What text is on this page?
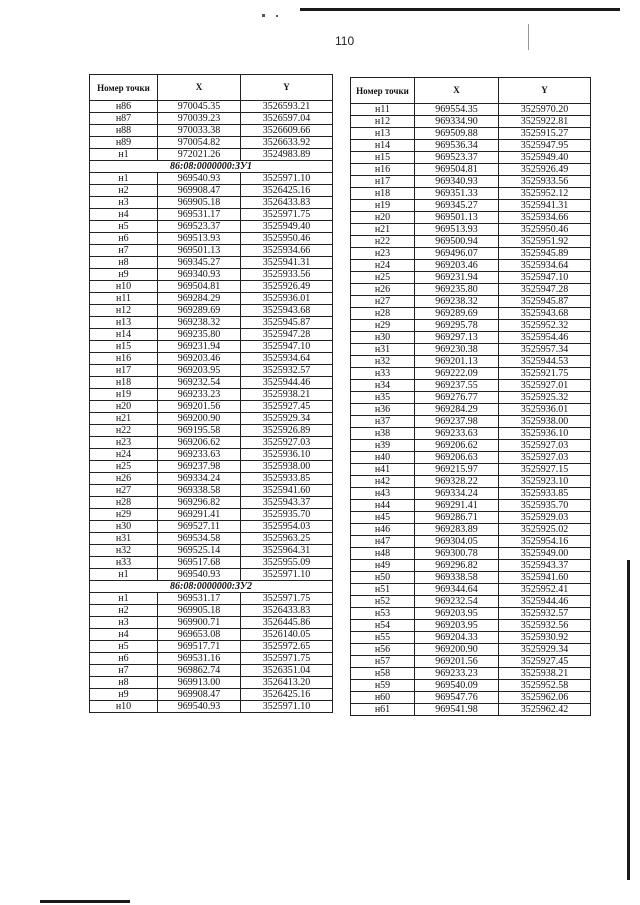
110
Номер точки	X	Y
н86	970045.35	3526593.21
н87	970039.23	3526597.04
н88	970033.38	3526609.66
н89	970054.82	3526633.92
н1	972021.26	3524983.89
86:08:0000000:ЗУ1		
н1	969540.93	3525971.10
н2	969908.47	3526425.16
н3	969905.18	3526433.83
н4	969531.17	3525971.75
н5	969523.37	3525949.40
н6	969513.93	3525950.46
н7	969501.13	3525934.66
н8	969345.27	3525941.31
н9	969340.93	3525933.56
н10	969504.81	3525926.49
н11	969284.29	3525936.01
н12	969289.69	3525943.68
н13	969238.32	3525945.87
н14	969235.80	3525947.28
н15	969231.94	3525947.10
н16	969203.46	3525934.64
н17	969203.95	3525932.57
н18	969232.54	3525944.46
н19	969233.23	3525938.21
н20	969201.56	3525927.45
н21	969200.90	3525929.34
н22	969195.58	3525926.89
н23	969206.62	3525927.03
н24	969233.63	3525936.10
н25	969237.98	3525938.00
н26	969334.24	3525933.85
н27	969338.58	3525941.60
н28	969296.82	3525943.37
н29	969291.41	3525935.70
н30	969527.11	3525954.03
н31	969534.58	3525963.25
н32	969525.14	3525964.31
н33	969517.68	3525955.09
н1	969540.93	3525971.10
86:08:0000000:ЗУ2		
н1	969531.17	3525971.75
н2	969905.18	3526433.83
н3	969900.71	3526445.86
н4	969653.08	3526140.05
н5	969517.71	3525972.65
н6	969531.16	3525971.75
н7	969862.74	3526351.04
н8	969913.00	3526413.20
н9	969908.47	3526425.16
н10	969540.93	3525971.10
Номер точки	X	Y
н11	969554.35	3525970.20
н12	969334.90	3525922.81
н13	969509.88	3525915.27
н14	969536.34	3525947.95
н15	969523.37	3525949.40
н16	969504.81	3525926.49
н17	969340.93	3525933.56
н18	969351.33	3525952.12
н19	969345.27	3525941.31
н20	969501.13	3525934.66
н21	969513.93	3525950.46
н22	969500.94	3525951.92
н23	969496.07	3525945.89
н24	969203.46	3525934.64
н25	969231.94	3525947.10
н26	969235.80	3525947.28
н27	969238.32	3525945.87
н28	969289.69	3525943.68
н29	969295.78	3525952.32
н30	969297.13	3525954.46
н31	969230.38	3525957.34
н32	969201.13	3525944.53
н33	969222.09	3525921.75
н34	969237.55	3525927.01
н35	969276.77	3525925.32
н36	969284.29	3525936.01
н37	969237.98	3525938.00
н38	969233.63	3525936.10
н39	969206.62	3525927.03
н40	969206.63	3525927.03
н41	969215.97	3525927.15
н42	969328.22	3525923.10
н43	969334.24	3525933.85
н44	969291.41	3525935.70
н45	969286.71	3525929.03
н46	969283.89	3525925.02
н47	969304.05	3525954.16
н48	969300.78	3525949.00
н49	969296.82	3525943.37
н50	969338.58	3525941.60
н51	969344.64	3525952.41
н52	969232.54	3525944.46
н53	969203.95	3525932.57
н54	969203.95	3525932.56
н55	969204.33	3525930.92
н56	969200.90	3525929.34
н57	969201.56	3525927.45
н58	969233.23	3525938.21
н59	969540.09	3525952.58
н60	969547.76	3525962.06
н61	969541.98	3525962.42
